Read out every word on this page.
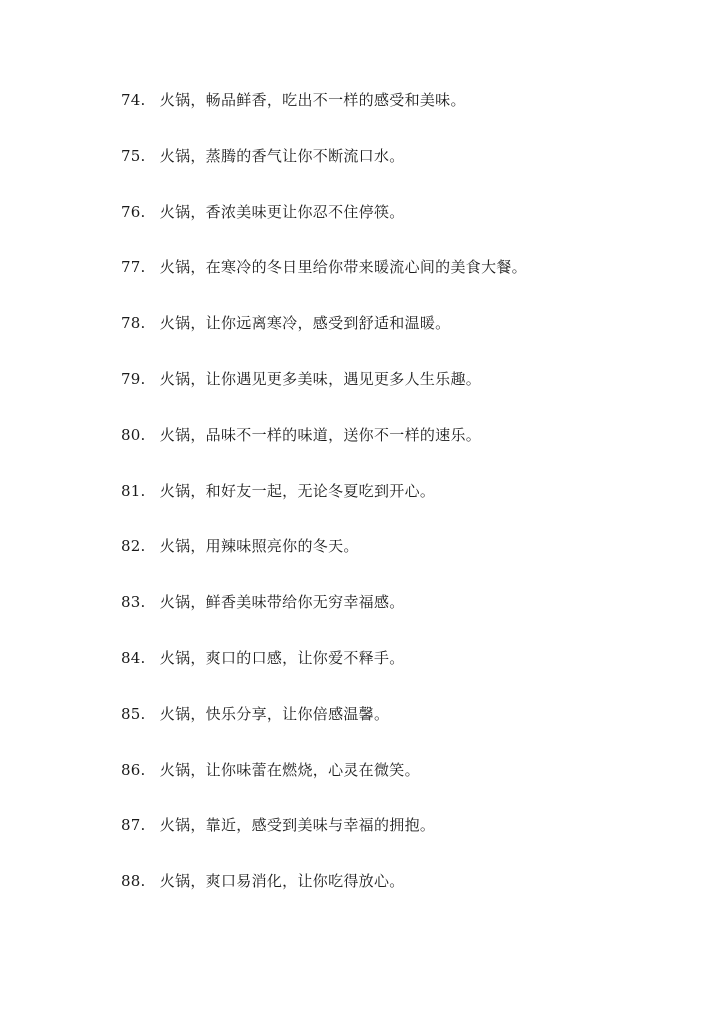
74. 火锅，畅品鲜香，吃出不一样的感受和美味。
75. 火锅，蒸腾的香气让你不断流口水。
76. 火锅，香浓美味更让你忍不住停筷。
77. 火锅，在寒冷的冬日里给你带来暖流心间的美食大餐。
78. 火锅，让你远离寒冷，感受到舒适和温暖。
79. 火锅，让你遇见更多美味，遇见更多人生乐趣。
80. 火锅，品味不一样的味道，送你不一样的速乐。
81. 火锅，和好友一起，无论冬夏吃到开心。
82. 火锅，用辣味照亮你的冬天。
83. 火锅，鲜香美味带给你无穷幸福感。
84. 火锅，爽口的口感，让你爱不释手。
85. 火锅，快乐分享，让你倍感温馨。
86. 火锅，让你味蕾在燃烧，心灵在微笑。
87. 火锅，靠近，感受到美味与幸福的拥抱。
88. 火锅，爽口易消化，让你吃得放心。
